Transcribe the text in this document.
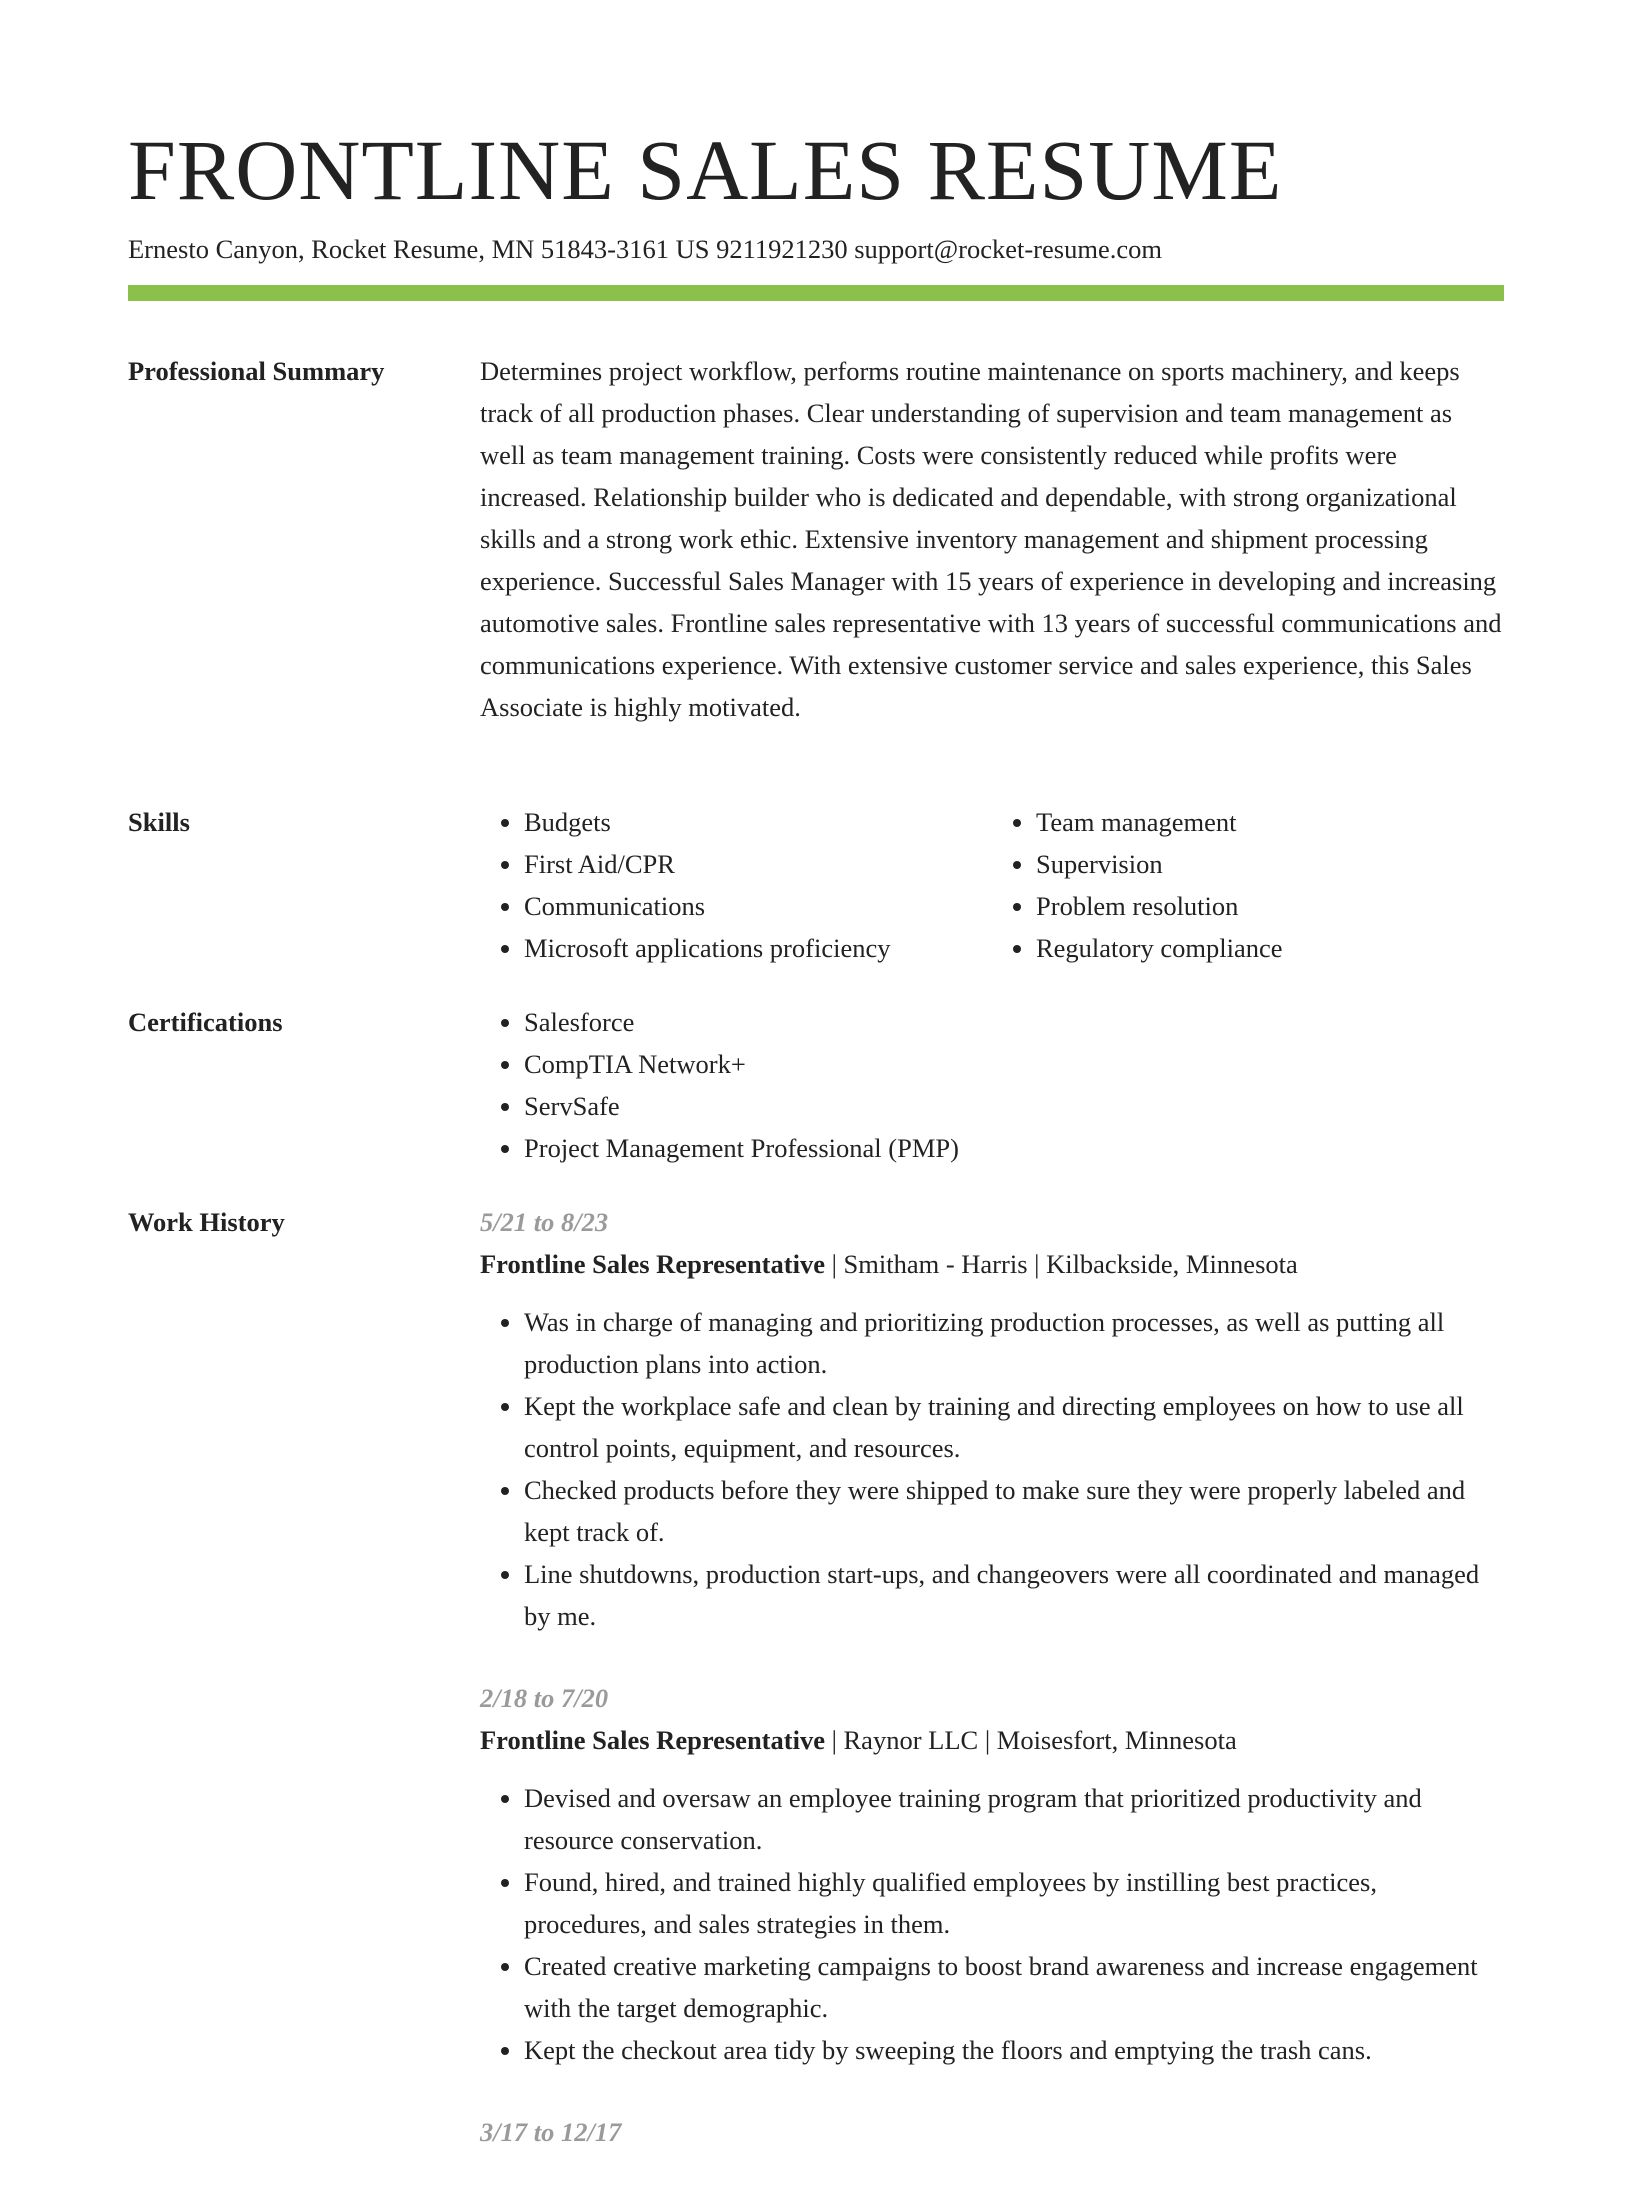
FRONTLINE SALES RESUME
Ernesto Canyon, Rocket Resume, MN 51843-3161 US 9211921230 support@rocket-resume.com
Professional Summary	Determines project workflow, performs routine maintenance on sports machinery, and keeps track of all production phases. Clear understanding of supervision and team management as well as team management training. Costs were consistently reduced while profits were increased. Relationship builder who is dedicated and dependable, with strong organizational skills and a strong work ethic. Extensive inventory management and shipment processing experience. Successful Sales Manager with 15 years of experience in developing and increasing automotive sales. Frontline sales representative with 13 years of successful communications and communications experience. With extensive customer service and sales experience, this Sales Associate is highly motivated.

Skills	• Budgets
• First Aid/CPR
• Communications
• Microsoft applications proficiency
• Team management
• Supervision
• Problem resolution
• Regulatory compliance
Certifications	• Salesforce
• CompTIA Network+
• ServSafe
• Project Management Professional (PMP)
Work History	5/21 to 8/23
Frontline Sales Representative | Smitham - Harris | Kilbackside, Minnesota
• Was in charge of managing and prioritizing production processes, as well as putting all production plans into action.
• Kept the workplace safe and clean by training and directing employees on how to use all control points, equipment, and resources.
• Checked products before they were shipped to make sure they were properly labeled and kept track of.
• Line shutdowns, production start-ups, and changeovers were all coordinated and managed by me.
2/18 to 7/20
Frontline Sales Representative | Raynor LLC | Moisesfort, Minnesota
• Devised and oversaw an employee training program that prioritized productivity and resource conservation.
• Found, hired, and trained highly qualified employees by instilling best practices, procedures, and sales strategies in them.
• Created creative marketing campaigns to boost brand awareness and increase engagement with the target demographic.
• Kept the checkout area tidy by sweeping the floors and emptying the trash cans.
3/17 to 12/17
